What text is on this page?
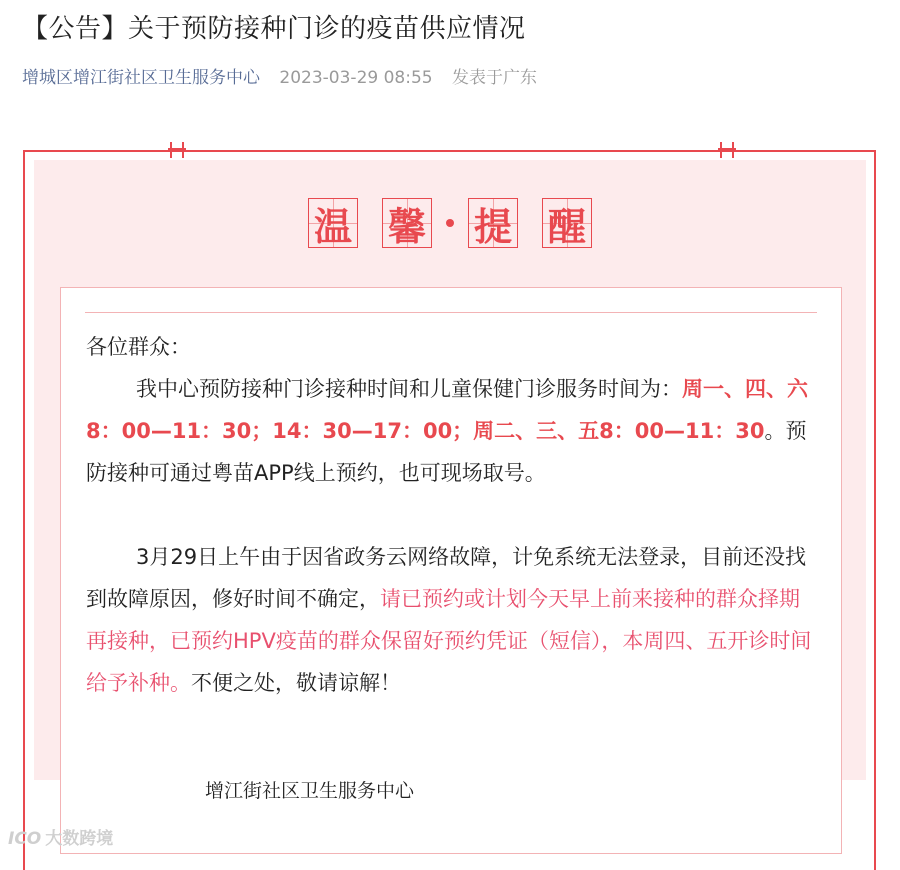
【公告】关于预防接种门诊的疫苗供应情况
增城区增江街社区卫生服务中心 2023-03-29 08:55 发表于广东
温 馨 提 醒

各位群众：

我中心预防接种门诊接种时间和儿童保健门诊服务时间为：周一、四、六8：00—11：30；14：30—17：00；周二、三、五8：00—11：30。预防接种可通过粤苗APP线上预约，也可现场取号。

3月29日上午由于因省政务云网络故障，计免系统无法登录，目前还没找到故障原因，修好时间不确定，请已预约或计划今天早上前来接种的群众择期再接种，已预约HPV疫苗的群众保留好预约凭证（短信），本周四、五开诊时间给予补种。不便之处，敬请谅解！

增江街社区卫生服务中心
ICO 大数跨境
